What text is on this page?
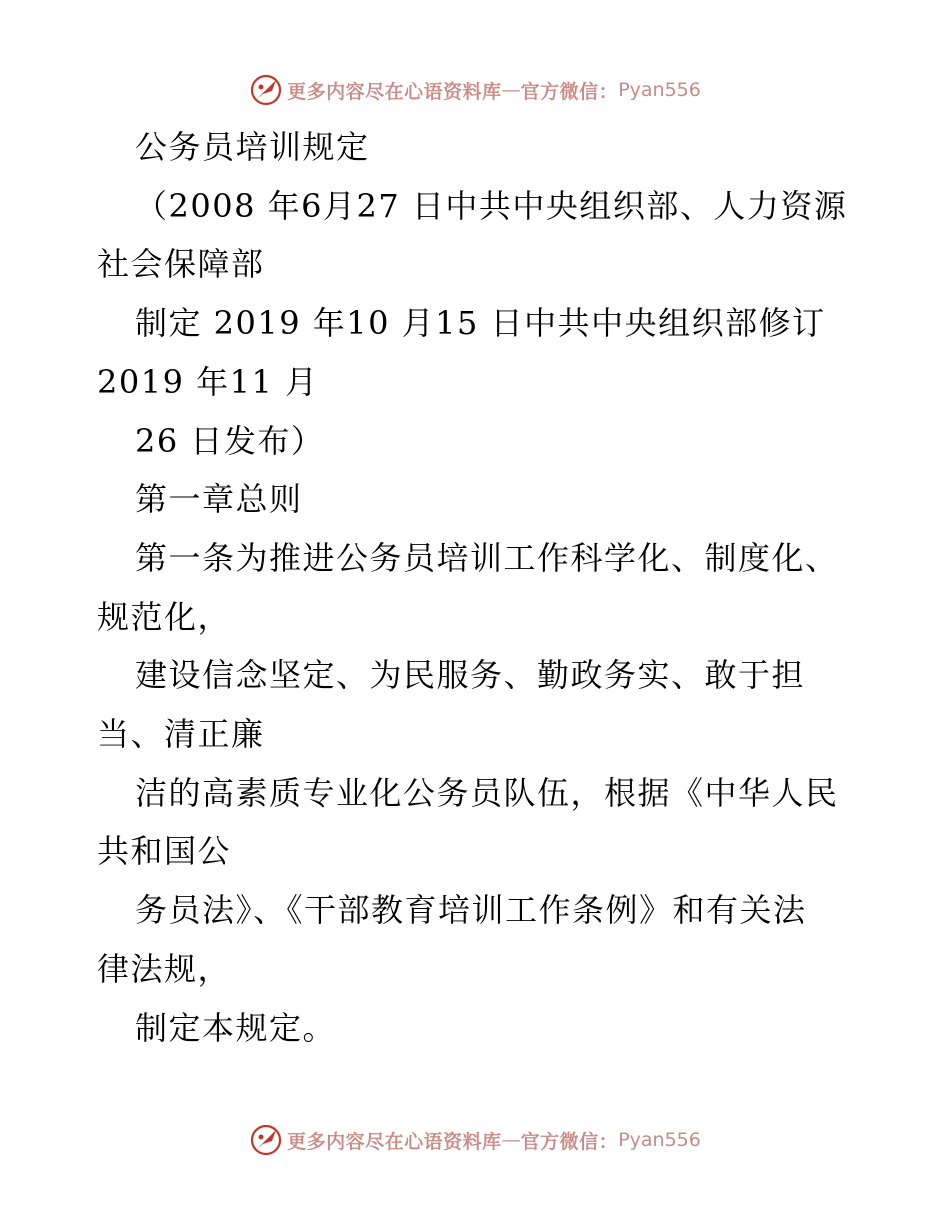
更多内容尽在心语资料库 — 官方微信： Pyan556
公务员培训规定
（2008 年6月27 日中共中央组织部、人力资源
社会保障部
制定 2019 年10 月15 日中共中央组织部修订
2019 年11 月
26 日发布）
第一章总则
第一条为推进公务员培训工作科学化、制度化、
规范化，
建设信念坚定、为民服务、勤政务实、敢于担
当、清正廉
洁的高素质专业化公务员队伍，根据《中华人民
共和国公
务员法》、《干部教育培训工作条例》和有关法
律法规，
制定本规定。
更多内容尽在心语资料库 — 官方微信： Pyan556
